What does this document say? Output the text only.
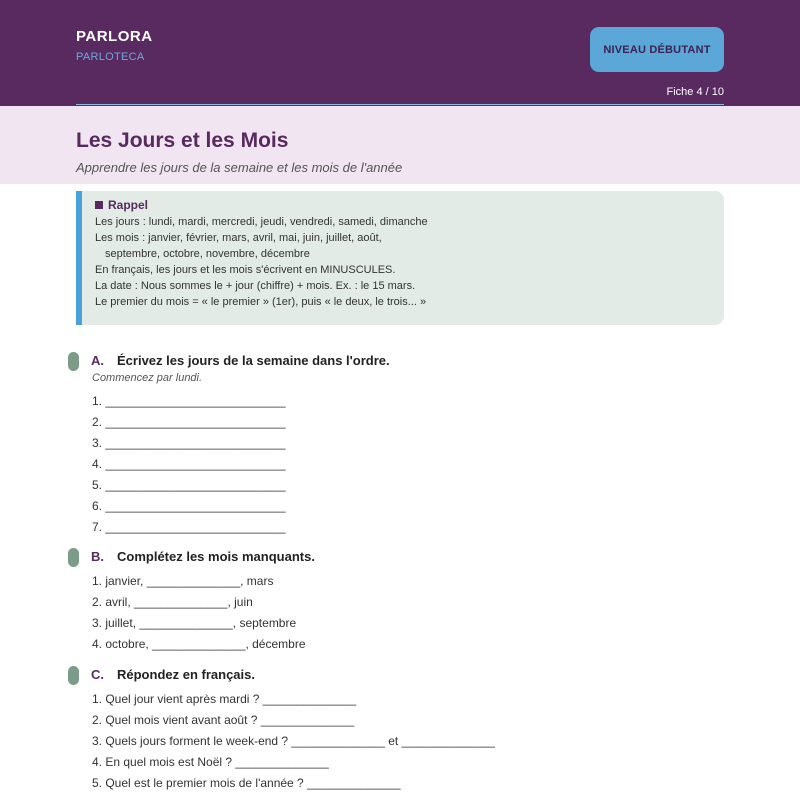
PARLORA
PARLOTECA
NIVEAU DÉBUTANT
Fiche 4 / 10
Les Jours et les Mois
Apprendre les jours de la semaine et les mois de l'année
Rappel
Les jours : lundi, mardi, mercredi, jeudi, vendredi, samedi, dimanche
Les mois : janvier, février, mars, avril, mai, juin, juillet, août,
septembre, octobre, novembre, décembre
En français, les jours et les mois s'écrivent en MINUSCULES.
La date : Nous sommes le + jour (chiffre) + mois. Ex. : le 15 mars.
Le premier du mois = « le premier » (1er), puis « le deux, le trois... »
A.	Écrivez les jours de la semaine dans l'ordre.
Commencez par lundi.
1. ___________________________
2. ___________________________
3. ___________________________
4. ___________________________
5. ___________________________
6. ___________________________
7. ___________________________
B.	Complétez les mois manquants.
1. janvier, ______________, mars
2. avril, ______________, juin
3. juillet, ______________, septembre
4. octobre, ______________, décembre
C.	Répondez en français.
1. Quel jour vient après mardi ? ______________
2. Quel mois vient avant août ? ______________
3. Quels jours forment le week-end ? ______________ et ______________
4. En quel mois est Noël ? ______________
5. Quel est le premier mois de l'année ? ______________
